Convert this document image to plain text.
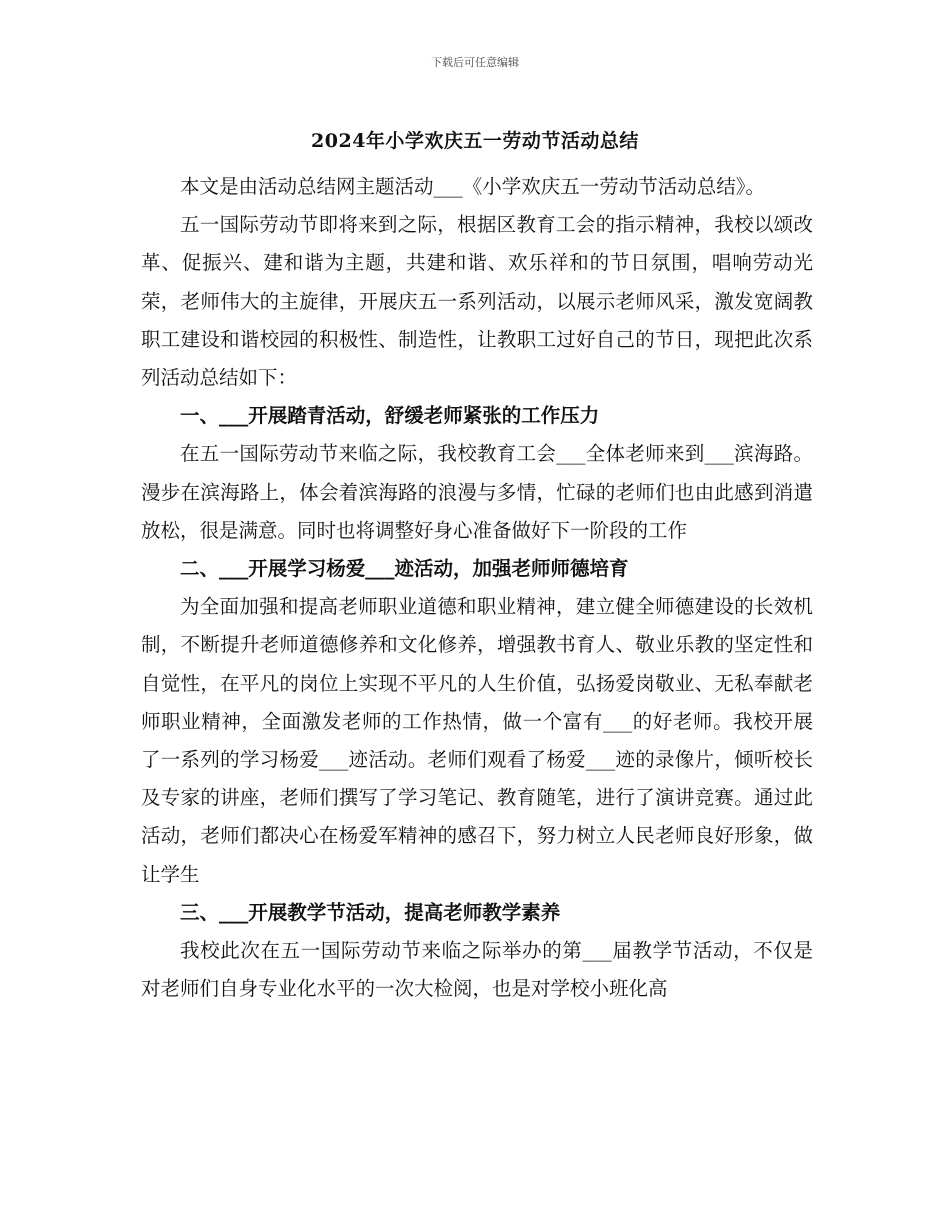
下载后可任意编辑
2024年小学欢庆五一劳动节活动总结

本文是由活动总结网主题活动___《小学欢庆五一劳动节活动总结》。

五一国际劳动节即将来到之际，根据区教育工会的指示精神，我校以颂改革、促振兴、建和谐为主题，共建和谐、欢乐祥和的节日氛围，唱响劳动光荣，老师伟大的主旋律，开展庆五一系列活动，以展示老师风采，激发宽阔教职工建设和谐校园的积极性、制造性，让教职工过好自己的节日，现把此次系列活动总结如下：

一、___开展踏青活动，舒缓老师紧张的工作压力

在五一国际劳动节来临之际，我校教育工会___全体老师来到___滨海路。漫步在滨海路上，体会着滨海路的浪漫与多情，忙碌的老师们也由此感到消遣放松，很是满意。同时也将调整好身心准备做好下一阶段的工作

二、___开展学习杨爱___迹活动，加强老师师德培育

为全面加强和提高老师职业道德和职业精神，建立健全师德建设的长效机制，不断提升老师道德修养和文化修养，增强教书育人、敬业乐教的坚定性和自觉性，在平凡的岗位上实现不平凡的人生价值，弘扬爱岗敬业、无私奉献老师职业精神，全面激发老师的工作热情，做一个富有___的好老师。我校开展了一系列的学习杨爱___迹活动。老师们观看了杨爱___迹的录像片，倾听校长及专家的讲座，老师们撰写了学习笔记、教育随笔，进行了演讲竞赛。通过此活动，老师们都决心在杨爱军精神的感召下，努力树立人民老师良好形象，做让学生

三、___开展教学节活动，提高老师教学素养

我校此次在五一国际劳动节来临之际举办的第___届教学节活动，不仅是对老师们自身专业化水平的一次大检阅，也是对学校小班化高
